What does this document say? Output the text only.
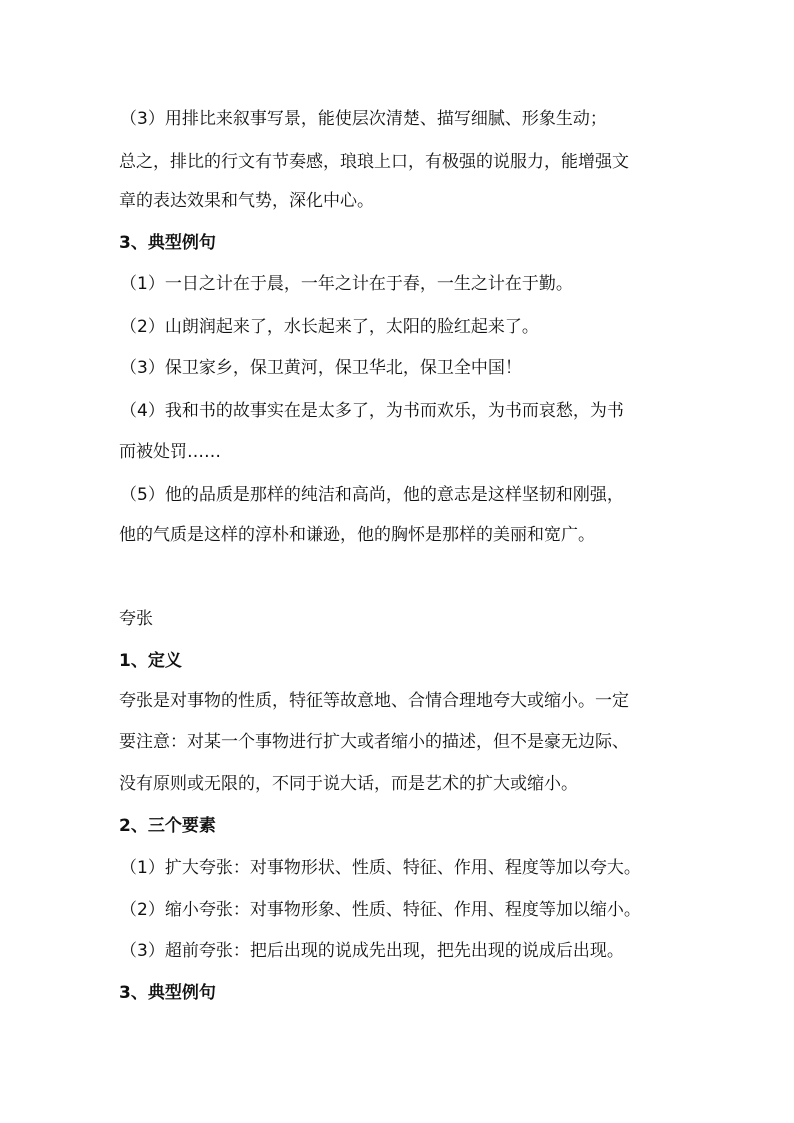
（3）用排比来叙事写景，能使层次清楚、描写细腻、形象生动；
总之，排比的行文有节奏感，琅琅上口，有极强的说服力，能增强文
章的表达效果和气势，深化中心。
3、典型例句
（1）一日之计在于晨，一年之计在于春，一生之计在于勤。
（2）山朗润起来了，水长起来了，太阳的脸红起来了。
（3）保卫家乡，保卫黄河，保卫华北，保卫全中国！
（4）我和书的故事实在是太多了，为书而欢乐，为书而哀愁，为书
而被处罚……
（5）他的品质是那样的纯洁和高尚，他的意志是这样坚韧和刚强，
他的气质是这样的淳朴和谦逊，他的胸怀是那样的美丽和宽广。
夸张
1、定义
夸张是对事物的性质，特征等故意地、合情合理地夸大或缩小。一定
要注意：对某一个事物进行扩大或者缩小的描述，但不是豪无边际、
没有原则或无限的，不同于说大话，而是艺术的扩大或缩小。
2、三个要素
（1）扩大夸张：对事物形状、性质、特征、作用、程度等加以夸大。
（2）缩小夸张：对事物形象、性质、特征、作用、程度等加以缩小。
（3）超前夸张：把后出现的说成先出现，把先出现的说成后出现。
3、典型例句
